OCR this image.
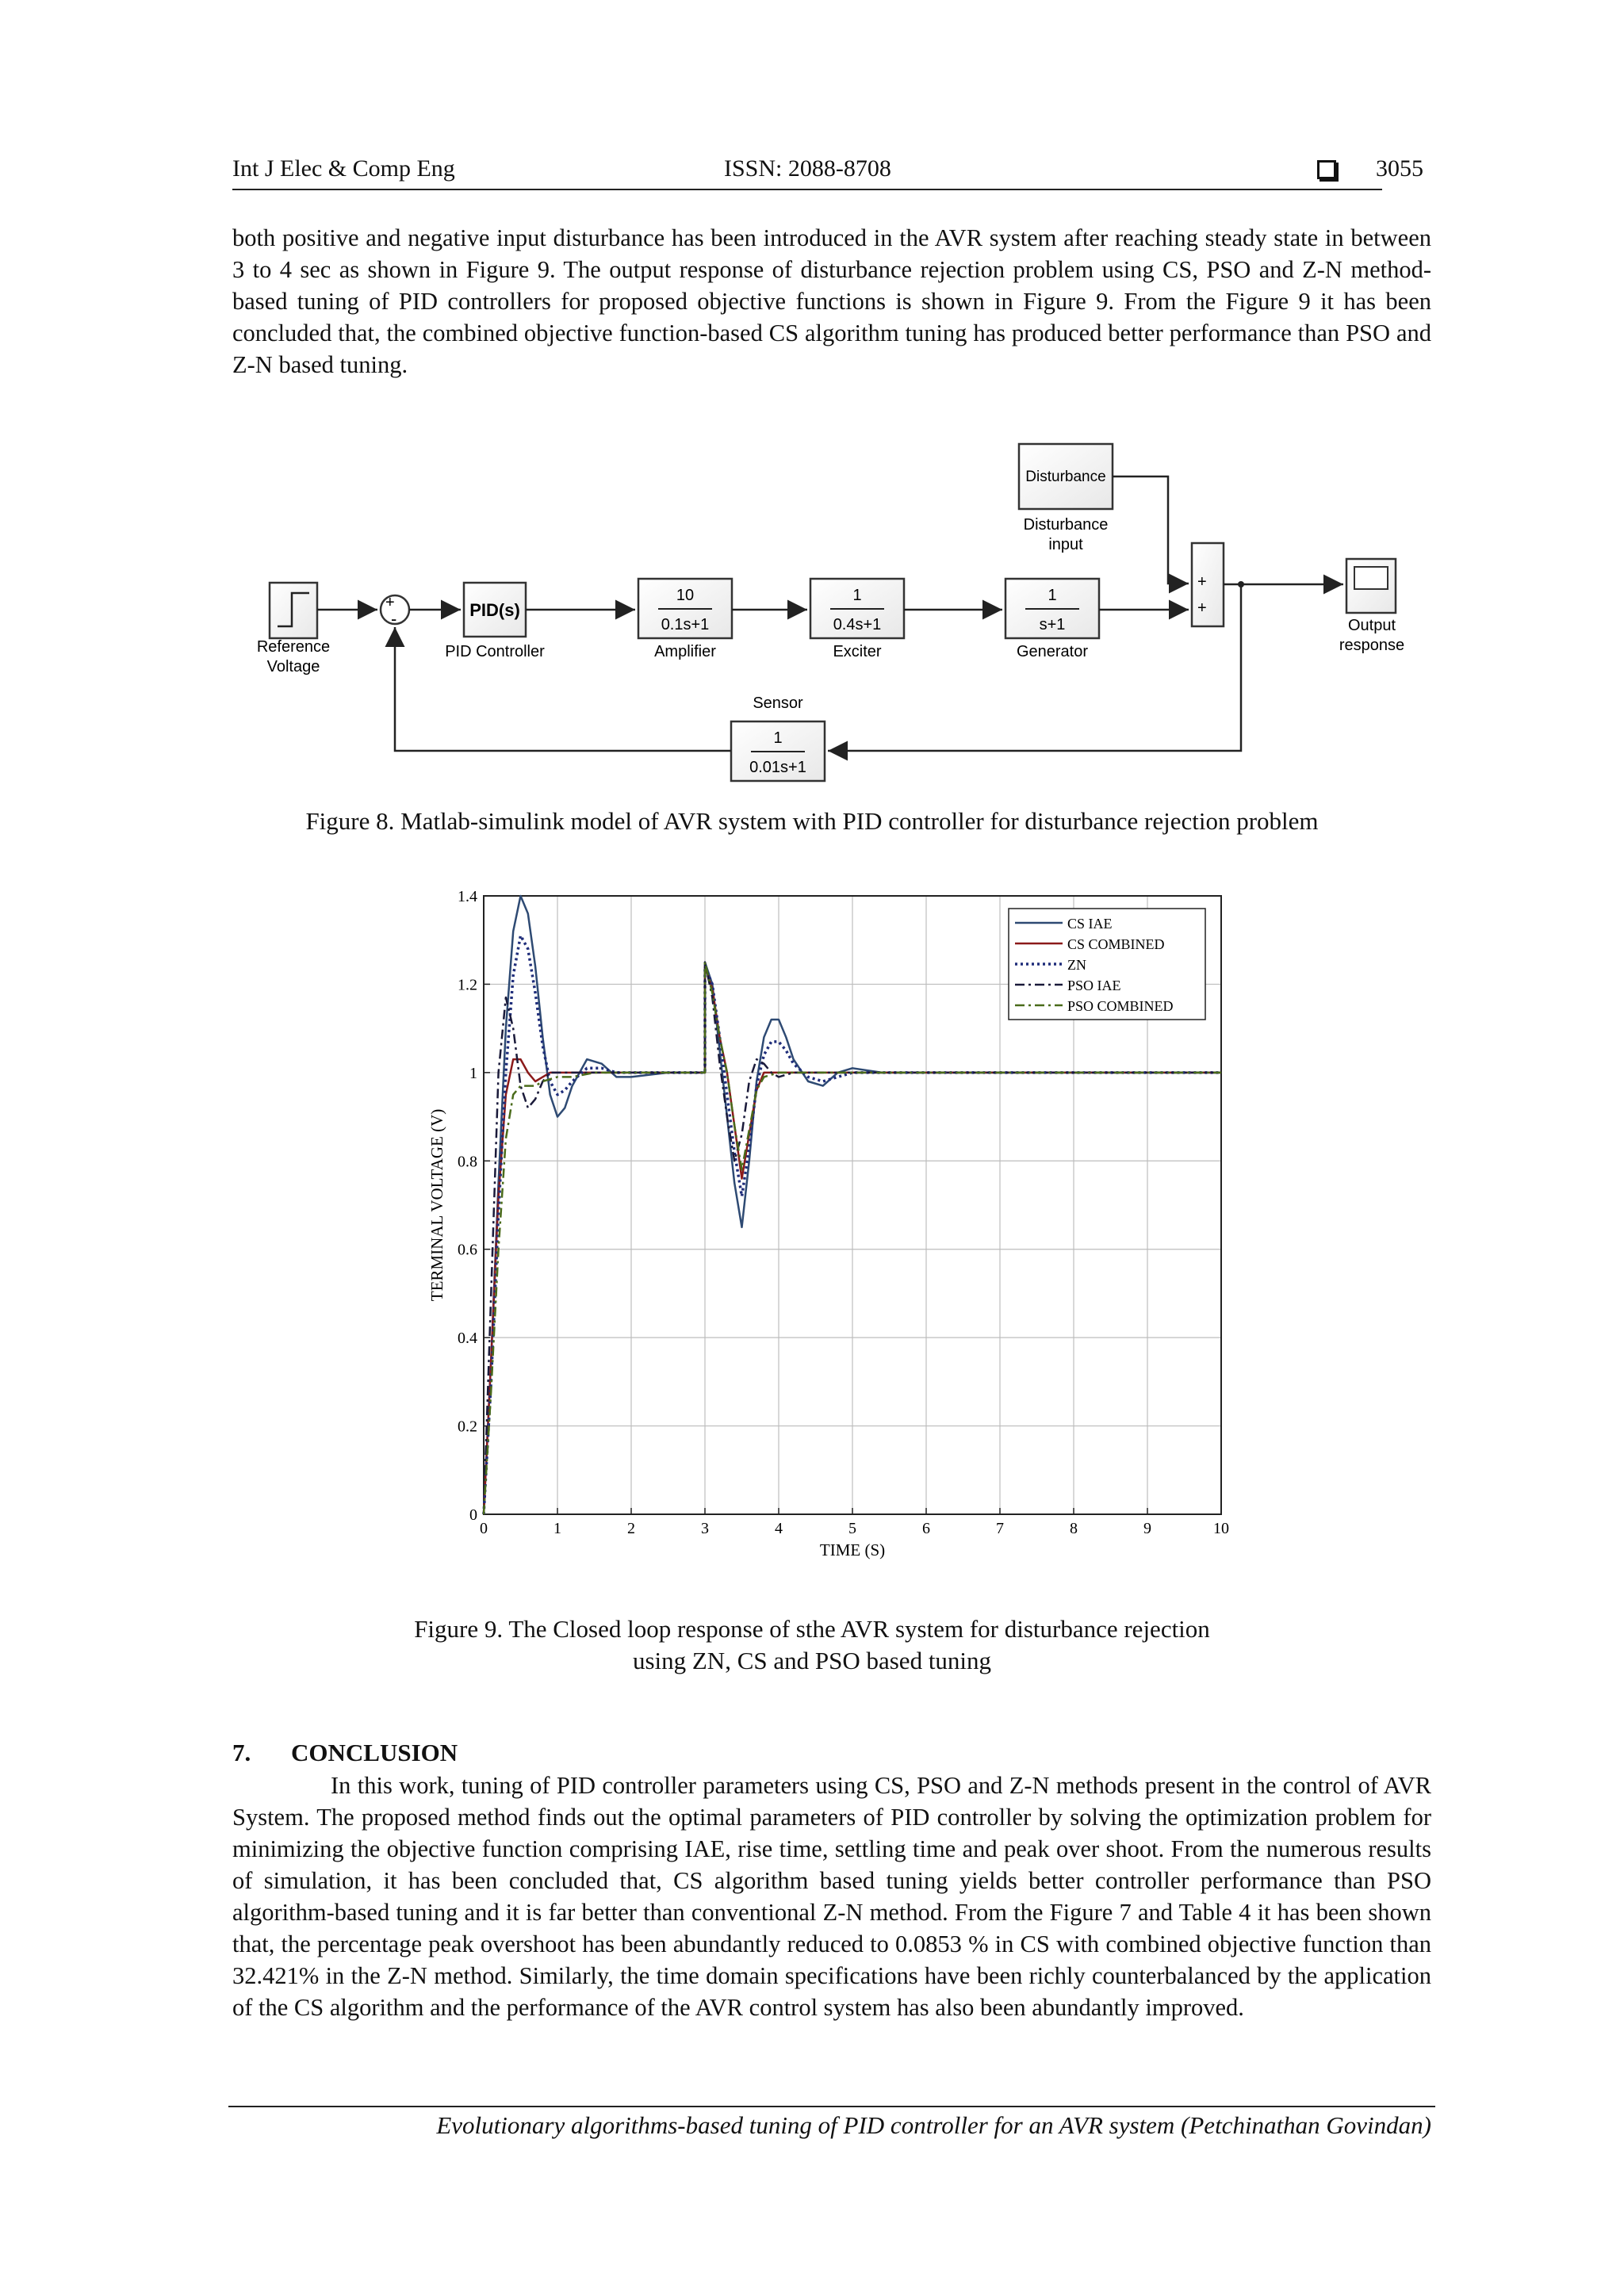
Int J Elec & Comp Eng	ISSN: 2088-8708	3055

both positive and negative input disturbance has been introduced in the AVR system after reaching steady state in between 3 to 4 sec as shown in Figure 9. The output response of disturbance rejection problem using CS, PSO and Z-N method-based tuning of PID controllers for proposed objective functions is shown in Figure 9. From the Figure 9 it has been concluded that, the combined objective function-based CS algorithm tuning has produced better performance than PSO and Z-N based tuning.

Reference
Voltage
+
-	PID(s)
PID Controller
10
0.1s+1
Amplifier
1
0.4s+1
Exciter
1
s+1
Generator
Disturbance
Disturbance
input
+
+
Output
response
Sensor
1
0.01s+1
Figure 8. Matlab-simulink model of AVR system with PID controller for disturbance rejection problem
0	1	2	3	4	5	6	7	8	9	10
0
0.2
0.4
0.6
0.8
1
1.2
1.4
CS IAE
CS COMBINED
ZN
PSO IAE
PSO COMBINED
TIME (S)
TERMINAL VOLTAGE (V)
Figure 9. The Closed loop response of sthe AVR system for disturbance rejection
using ZN, CS and PSO based tuning
7. CONCLUSION

In this work, tuning of PID controller parameters using CS, PSO and Z-N methods present in the control of AVR System. The proposed method finds out the optimal parameters of PID controller by solving the optimization problem for minimizing the objective function comprising IAE, rise time, settling time and peak over shoot. From the numerous results of simulation, it has been concluded that, CS algorithm based tuning yields better controller performance than PSO algorithm-based tuning and it is far better than conventional Z-N method. From the Figure 7 and Table 4 it has been shown that, the percentage peak overshoot has been abundantly reduced to 0.0853 % in CS with combined objective function than 32.421% in the Z-N method. Similarly, the time domain specifications have been richly counterbalanced by the application of the CS algorithm and the performance of the AVR control system has also been abundantly improved.

Evolutionary algorithms-based tuning of PID controller for an AVR system (Petchinathan Govindan)
